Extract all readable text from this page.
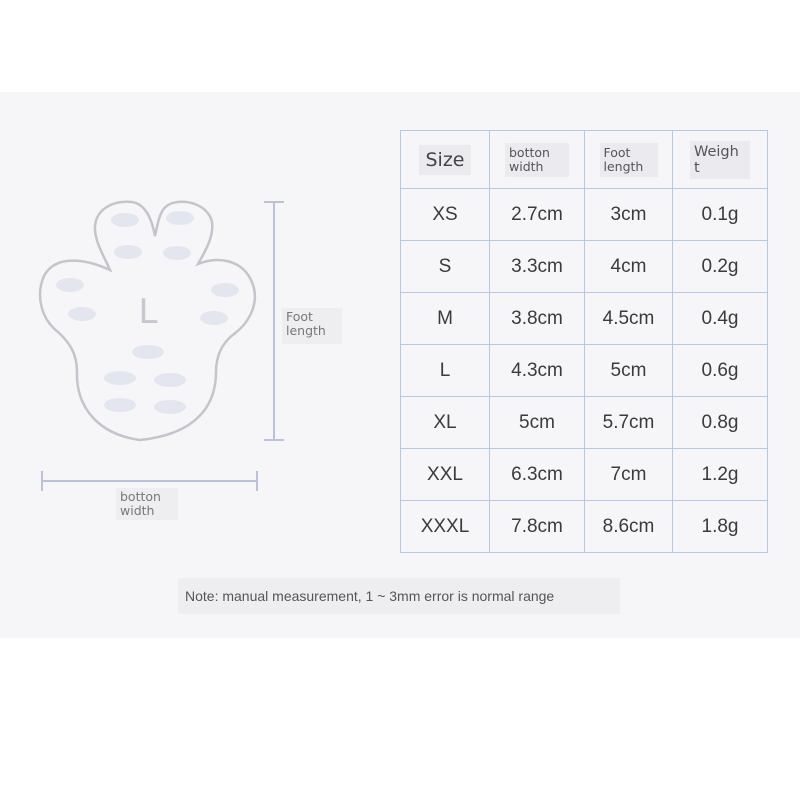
L	Foot length
botton width
Size	botton width	Foot length	Weigh t
XS	2.7cm	3cm	0.1g
S	3.3cm	4cm	0.2g
M	3.8cm	4.5cm	0.4g
L	4.3cm	5cm	0.6g
XL	5cm	5.7cm	0.8g
XXL	6.3cm	7cm	1.2g
XXXL	7.8cm	8.6cm	1.8g
Note: manual measurement, 1 ~ 3mm error is normal range
